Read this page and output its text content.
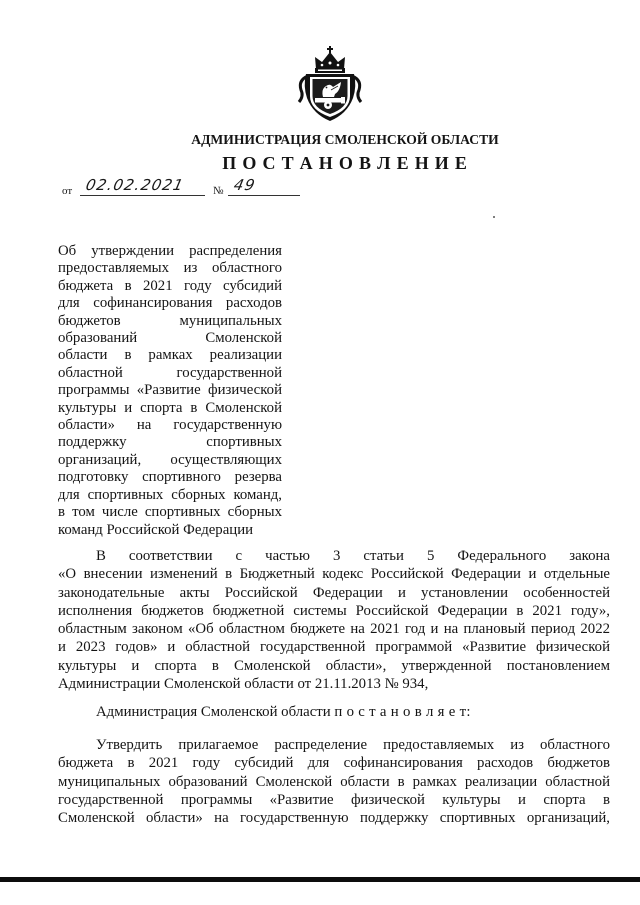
АДМИНИСТРАЦИЯ СМОЛЕНСКОЙ ОБЛАСТИ
П О С Т А Н О В Л Е Н И Е
от 02.02.2021 № 49
Об утверждении распределения
предоставляемых из областного
бюджета в 2021 году субсидий
для софинансирования расходов
бюджетов муниципальных
образований Смоленской
области в рамках реализации
областной государственной
программы «Развитие физической
культуры и спорта в Смоленской
области» на государственную
поддержку спортивных
организаций, осуществляющих
подготовку спортивного резерва
для спортивных сборных команд,
в том числе спортивных сборных
команд Российской Федерации
В соответствии с частью 3 статьи 5 Федерального закона
«О внесении изменений в Бюджетный кодекс Российской Федерации и отдельные
законодательные акты Российской Федерации и установлении особенностей
исполнения бюджетов бюджетной системы Российской Федерации в 2021 году»,
областным законом «Об областном бюджете на 2021 год и на плановый период 2022
и 2023 годов» и областной государственной программой «Развитие физической
культуры и спорта в Смоленской области», утвержденной постановлением
Администрации Смоленской области от 21.11.2013 № 934,
Администрация Смоленской области п о с т а н о в л я е т:
Утвердить прилагаемое распределение предоставляемых из областного
бюджета в 2021 году субсидий для софинансирования расходов бюджетов
муниципальных образований Смоленской области в рамках реализации областной
государственной программы «Развитие физической культуры и спорта в
Смоленской области» на государственную поддержку спортивных организаций,
